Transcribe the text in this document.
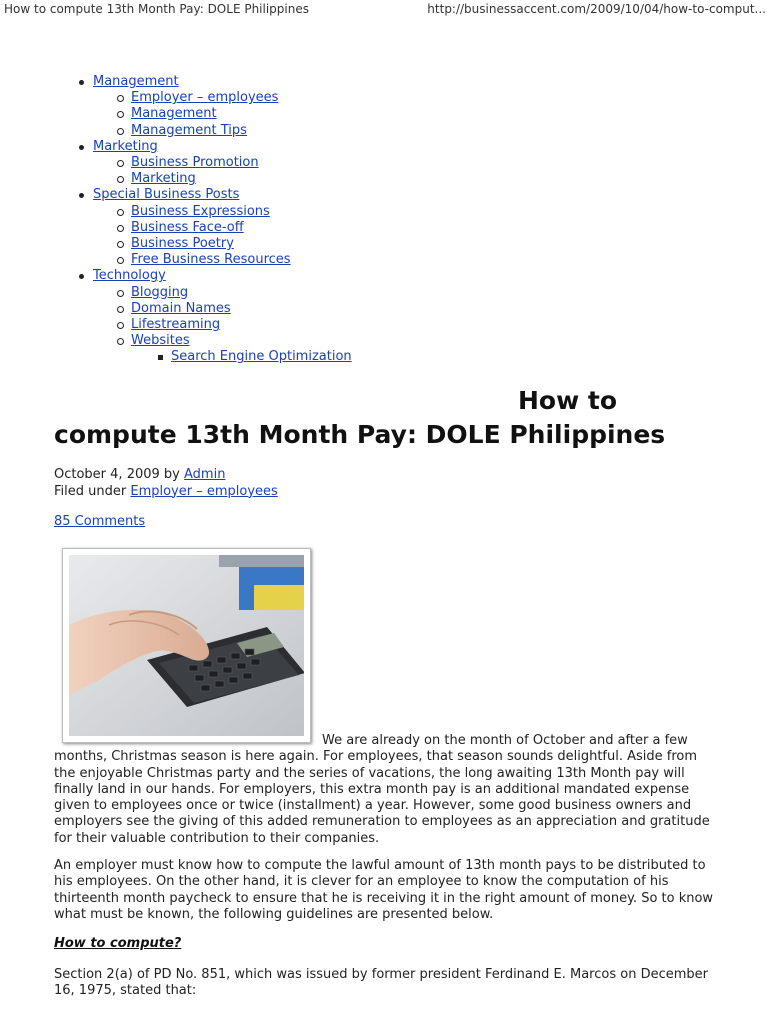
How to compute 13th Month Pay: DOLE Philippines	http://businessaccent.com/2009/10/04/how-to-comput...
Management
Employer – employees
Management
Management Tips
Marketing
Business Promotion
Marketing
Special Business Posts
Business Expressions
Business Face-off
Business Poetry
Free Business Resources
Technology
Blogging
Domain Names
Lifestreaming
Websites
Search Engine Optimization
How to
compute 13th Month Pay: DOLE Philippines
October 4, 2009 by Admin
Filed under Employer – employees
85 Comments
We are already on the month of October and after a few months, Christmas season is here again. For employees, that season sounds delightful. Aside from the enjoyable Christmas party and the series of vacations, the long awaiting 13th Month pay will finally land in our hands. For employers, this extra month pay is an additional mandated expense given to employees once or twice (installment) a year. However, some good business owners and employers see the giving of this added remuneration to employees as an appreciation and gratitude for their valuable contribution to their companies.
An employer must know how to compute the lawful amount of 13th month pays to be distributed to his employees. On the other hand, it is clever for an employee to know the computation of his thirteenth month paycheck to ensure that he is receiving it in the right amount of money. So to know what must be known, the following guidelines are presented below.
How to compute?
Section 2(a) of PD No. 851, which was issued by former president Ferdinand E. Marcos on December 16, 1975, stated that:
